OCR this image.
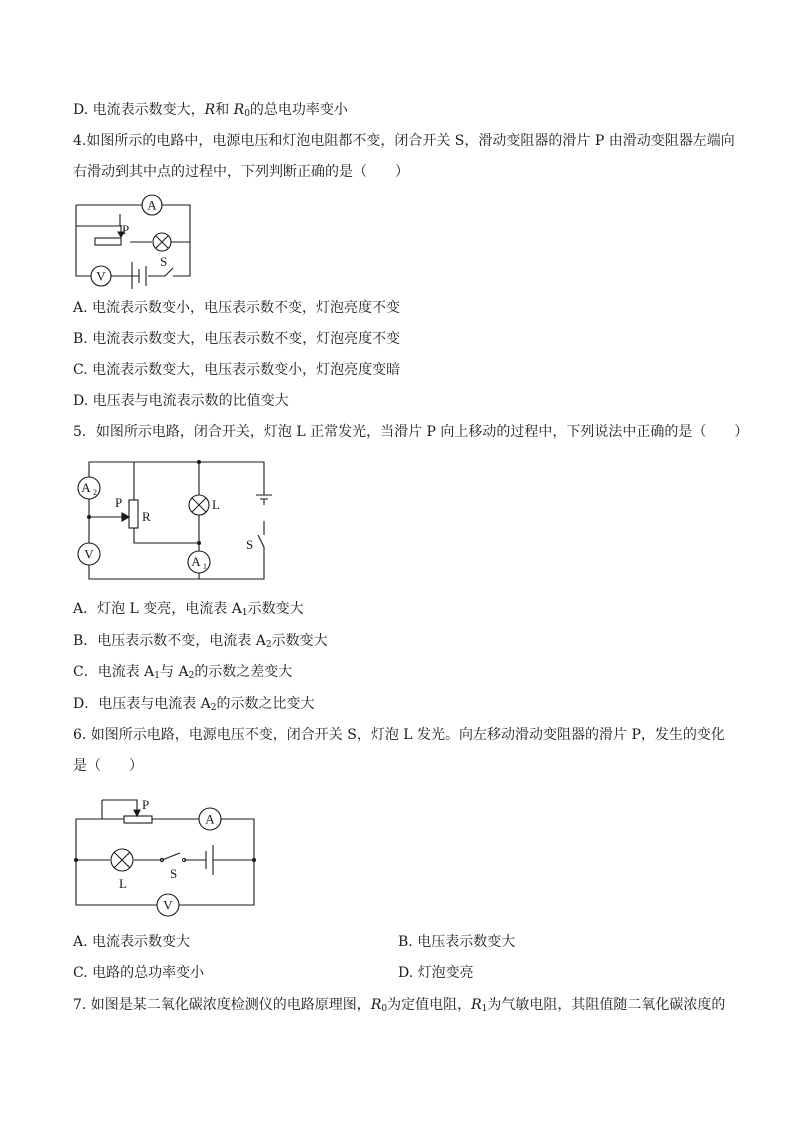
D. 电流表示数变大，R和 $R_0$的总电功率变小
4.如图所示的电路中，电源电压和灯泡电阻都不变，闭合开关 S，滑动变阻器的滑片 P 由滑动变阻器左端向
右滑动到其中点的过程中，下列判断正确的是（　　）
A
V
P
S
A. 电流表示数变小，电压表示数不变，灯泡亮度不变
B. 电流表示数变大，电压表示数不变，灯泡亮度不变
C. 电流表示数变大，电压表示数变小，灯泡亮度变暗
D. 电压表与电流表示数的比值变大
5．如图所示电路，闭合开关，灯泡 L 正常发光，当滑片 P 向上移动的过程中，下列说法中正确的是（　　）
A 2
V	A 1
P
R
L
S
A．灯泡 L 变亮，电流表 $A_1$示数变大
B．电压表示数不变，电流表 $A_2$示数变大
C．电流表 $A_1$与 $A_2$的示数之差变大
D．电压表与电流表 $A_2$的示数之比变大
6. 如图所示电路，电源电压不变，闭合开关 S，灯泡 L 发光。向左移动滑动变阻器的滑片 P，发生的变化
是（　　）
A
V
P
L
S
A. 电流表示数变大	B. 电压表示数变大
C. 电路的总功率变小	D. 灯泡变亮
7. 如图是某二氧化碳浓度检测仪的电路原理图，$R_0$为定值电阻，$R_1$为气敏电阻，其阻值随二氧化碳浓度的
